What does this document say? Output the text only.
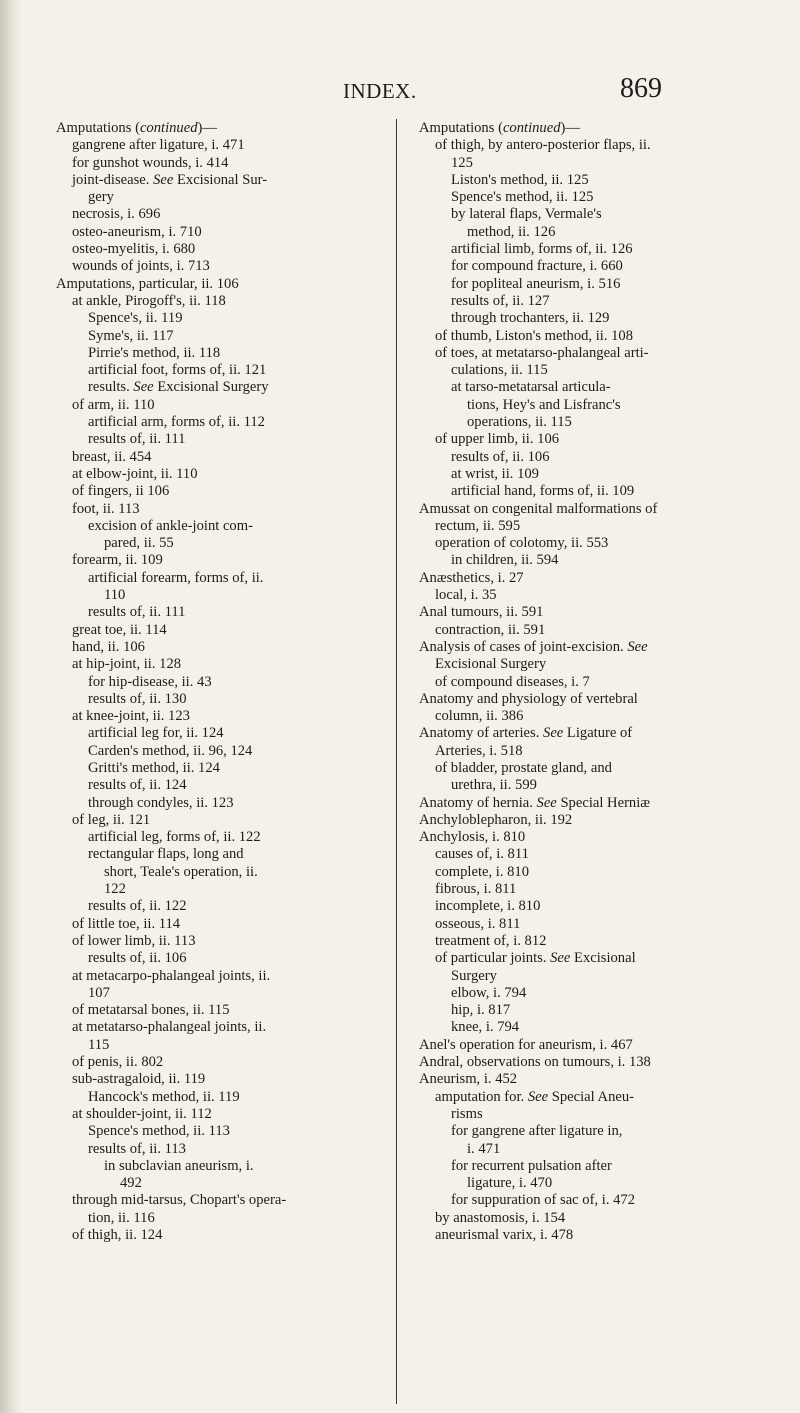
INDEX.	869
Amputations (continued)—
gangrene after ligature, i. 471
for gunshot wounds, i. 414
joint-disease. See Excisional Sur-
gery
necrosis, i. 696
osteo-aneurism, i. 710
osteo-myelitis, i. 680
wounds of joints, i. 713
Amputations, particular, ii. 106
at ankle, Pirogoff's, ii. 118
Spence's, ii. 119
Syme's, ii. 117
Pirrie's method, ii. 118
artificial foot, forms of, ii. 121
results. See Excisional Surgery
of arm, ii. 110
artificial arm, forms of, ii. 112
results of, ii. 111
breast, ii. 454
at elbow-joint, ii. 110
of fingers, ii 106
foot, ii. 113
excision of ankle-joint com-
pared, ii. 55
forearm, ii. 109
artificial forearm, forms of, ii.
110
results of, ii. 111
great toe, ii. 114
hand, ii. 106
at hip-joint, ii. 128
for hip-disease, ii. 43
results of, ii. 130
at knee-joint, ii. 123
artificial leg for, ii. 124
Carden's method, ii. 96, 124
Gritti's method, ii. 124
results of, ii. 124
through condyles, ii. 123
of leg, ii. 121
artificial leg, forms of, ii. 122
rectangular flaps, long and
short, Teale's operation, ii.
122
results of, ii. 122
of little toe, ii. 114
of lower limb, ii. 113
results of, ii. 106
at metacarpo-phalangeal joints, ii.
107
of metatarsal bones, ii. 115
at metatarso-phalangeal joints, ii.
115
of penis, ii. 802
sub-astragaloid, ii. 119
Hancock's method, ii. 119
at shoulder-joint, ii. 112
Spence's method, ii. 113
results of, ii. 113
in subclavian aneurism, i.
492
through mid-tarsus, Chopart's opera-
tion, ii. 116
of thigh, ii. 124
Amputations (continued)—
of thigh, by antero-posterior flaps, ii.
125
Liston's method, ii. 125
Spence's method, ii. 125
by lateral flaps, Vermale's
method, ii. 126
artificial limb, forms of, ii. 126
for compound fracture, i. 660
for popliteal aneurism, i. 516
results of, ii. 127
through trochanters, ii. 129
of thumb, Liston's method, ii. 108
of toes, at metatarso-phalangeal arti-
culations, ii. 115
at tarso-metatarsal articula-
tions, Hey's and Lisfranc's
operations, ii. 115
of upper limb, ii. 106
results of, ii. 106
at wrist, ii. 109
artificial hand, forms of, ii. 109
Amussat on congenital malformations of
rectum, ii. 595
operation of colotomy, ii. 553
in children, ii. 594
Anæsthetics, i. 27
local, i. 35
Anal tumours, ii. 591
contraction, ii. 591
Analysis of cases of joint-excision. See
Excisional Surgery
of compound diseases, i. 7
Anatomy and physiology of vertebral
column, ii. 386
Anatomy of arteries. See Ligature of
Arteries, i. 518
of bladder, prostate gland, and
urethra, ii. 599
Anatomy of hernia. See Special Herniæ
Anchyloblepharon, ii. 192
Anchylosis, i. 810
causes of, i. 811
complete, i. 810
fibrous, i. 811
incomplete, i. 810
osseous, i. 811
treatment of, i. 812
of particular joints. See Excisional
Surgery
elbow, i. 794
hip, i. 817
knee, i. 794
Anel's operation for aneurism, i. 467
Andral, observations on tumours, i. 138
Aneurism, i. 452
amputation for. See Special Aneu-
risms
for gangrene after ligature in,
i. 471
for recurrent pulsation after
ligature, i. 470
for suppuration of sac of, i. 472
by anastomosis, i. 154
aneurismal varix, i. 478
